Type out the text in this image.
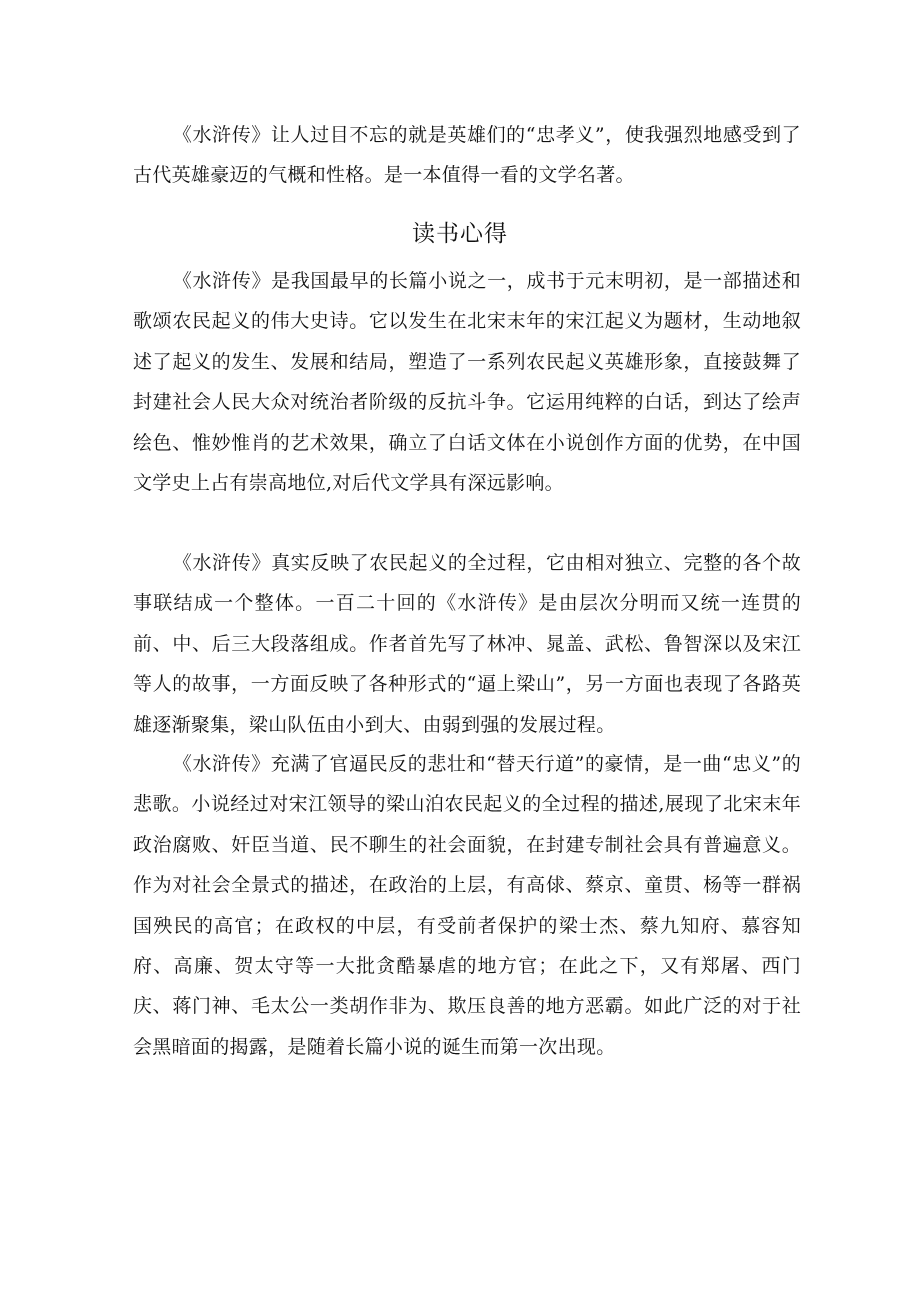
《水浒传》让人过目不忘的就是英雄们的“忠孝义”，使我强烈地感受到了古代英雄豪迈的气概和性格。是一本值得一看的文学名著。

读书心得

《水浒传》是我国最早的长篇小说之一，成书于元末明初，是一部描述和歌颂农民起义的伟大史诗。它以发生在北宋末年的宋江起义为题材，生动地叙述了起义的发生、发展和结局，塑造了一系列农民起义英雄形象，直接鼓舞了封建社会人民大众对统治者阶级的反抗斗争。它运用纯粹的白话，到达了绘声绘色、惟妙惟肖的艺术效果，确立了白话文体在小说创作方面的优势，在中国文学史上占有崇高地位,对后代文学具有深远影响。

《水浒传》真实反映了农民起义的全过程，它由相对独立、完整的各个故事联结成一个整体。一百二十回的《水浒传》是由层次分明而又统一连贯的前、中、后三大段落组成。作者首先写了林冲、晁盖、武松、鲁智深以及宋江等人的故事，一方面反映了各种形式的“逼上梁山”，另一方面也表现了各路英雄逐渐聚集，梁山队伍由小到大、由弱到强的发展过程。

《水浒传》充满了官逼民反的悲壮和“替天行道”的豪情，是一曲“忠义”的悲歌。小说经过对宋江领导的梁山泊农民起义的全过程的描述,展现了北宋末年政治腐败、奸臣当道、民不聊生的社会面貌，在封建专制社会具有普遍意义。作为对社会全景式的描述，在政治的上层，有高俅、蔡京、童贯、杨等一群祸国殃民的高官；在政权的中层，有受前者保护的梁士杰、蔡九知府、慕容知府、高廉、贺太守等一大批贪酷暴虐的地方官；在此之下，又有郑屠、西门庆、蒋门神、毛太公一类胡作非为、欺压良善的地方恶霸。如此广泛的对于社会黑暗面的揭露，是随着长篇小说的诞生而第一次出现。
